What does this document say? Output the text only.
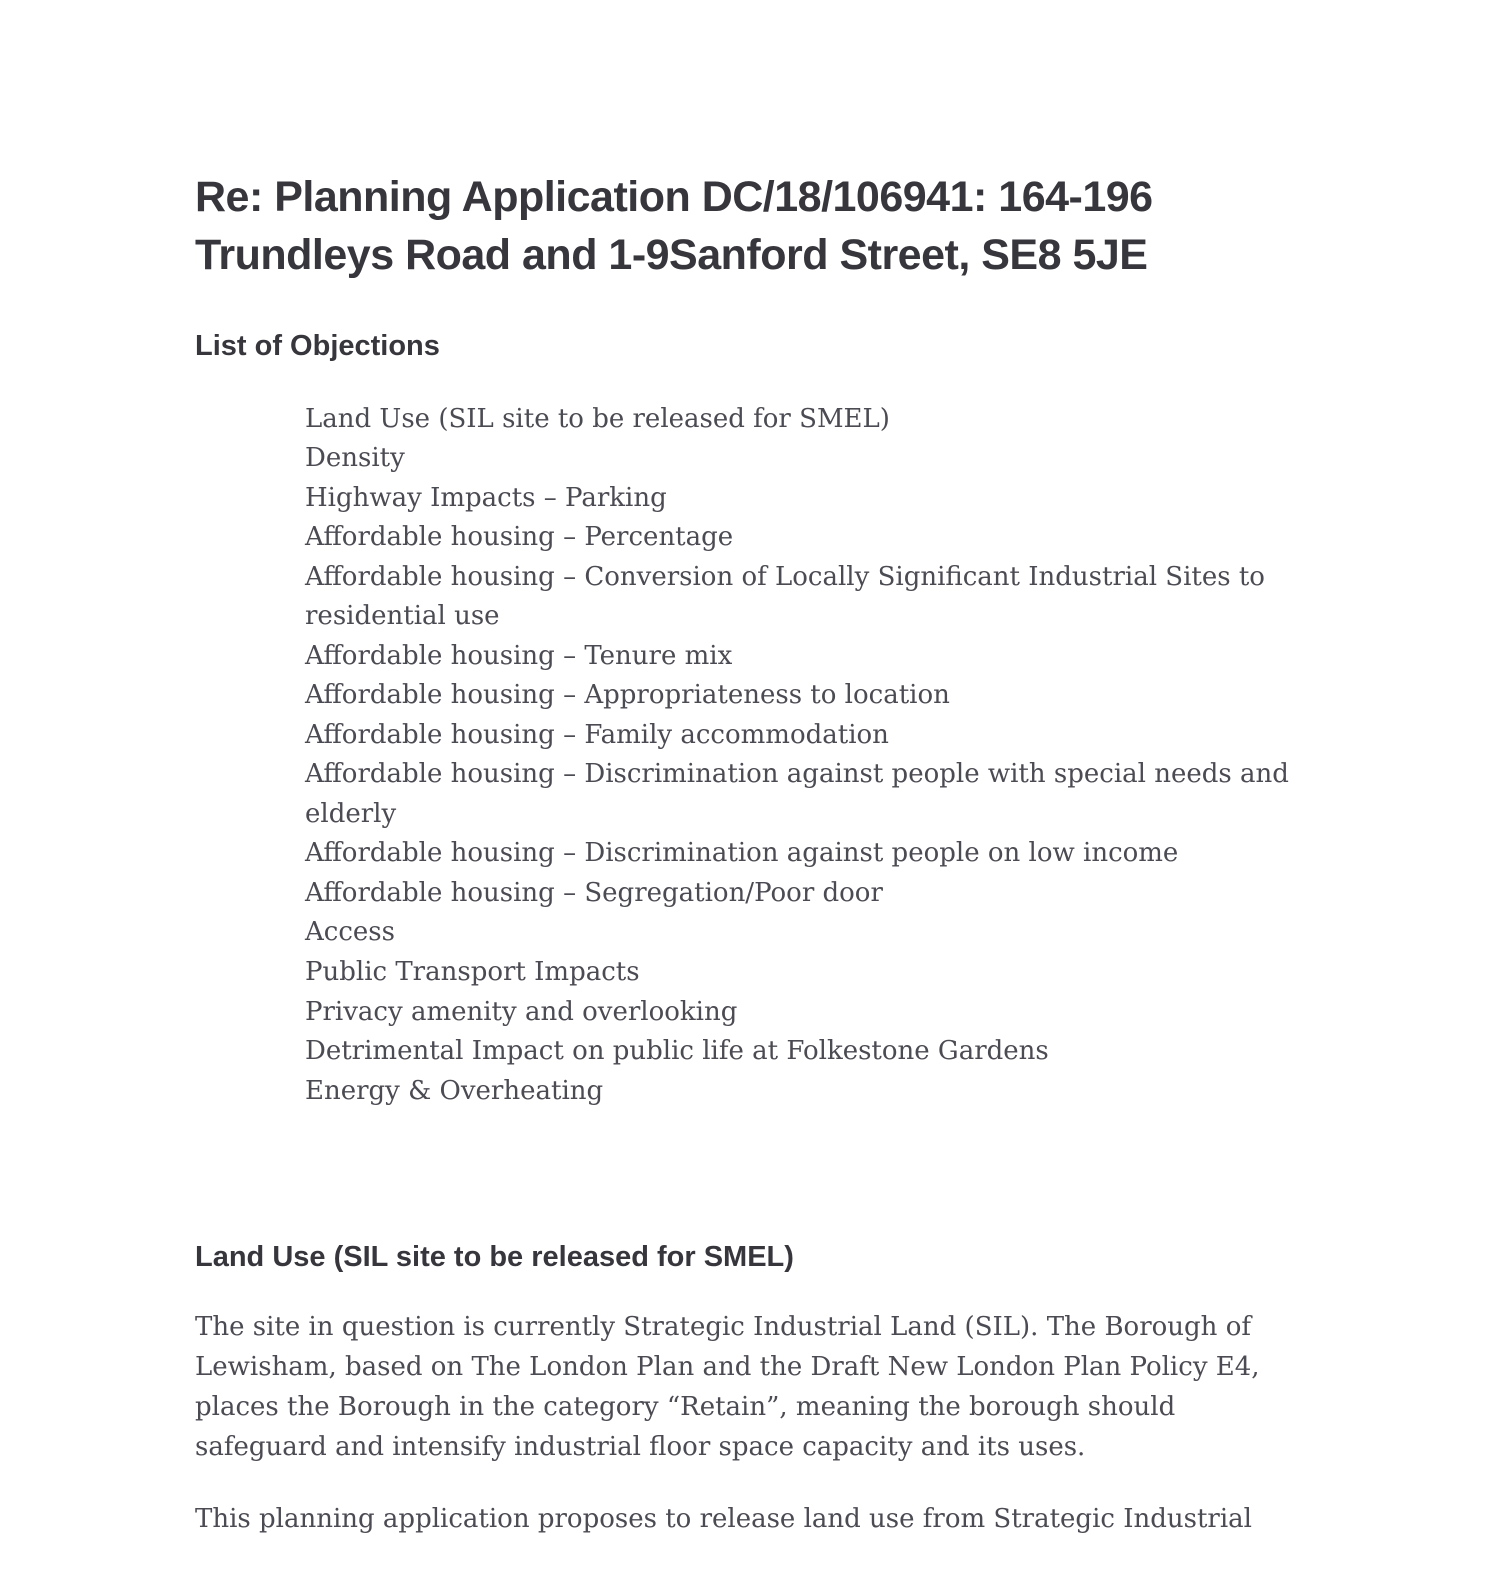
Re: Planning Application DC/18/106941: 164-196 Trundleys Road and 1-9Sanford Street, SE8 5JE
List of Objections
Land Use (SIL site to be released for SMEL)
Density
Highway Impacts – Parking
Affordable housing – Percentage
Affordable housing – Conversion of Locally Significant Industrial Sites to residential use
Affordable housing – Tenure mix
Affordable housing – Appropriateness to location
Affordable housing – Family accommodation
Affordable housing – Discrimination against people with special needs and elderly
Affordable housing – Discrimination against people on low income
Affordable housing – Segregation/Poor door
Access
Public Transport Impacts
Privacy amenity and overlooking
Detrimental Impact on public life at Folkestone Gardens
Energy & Overheating
Land Use (SIL site to be released for SMEL)

The site in question is currently Strategic Industrial Land (SIL). The Borough of Lewisham, based on The London Plan and the Draft New London Plan Policy E4, places the Borough in the category “Retain”, meaning the borough should safeguard and intensify industrial floor space capacity and its uses.

This planning application proposes to release land use from Strategic Industrial
